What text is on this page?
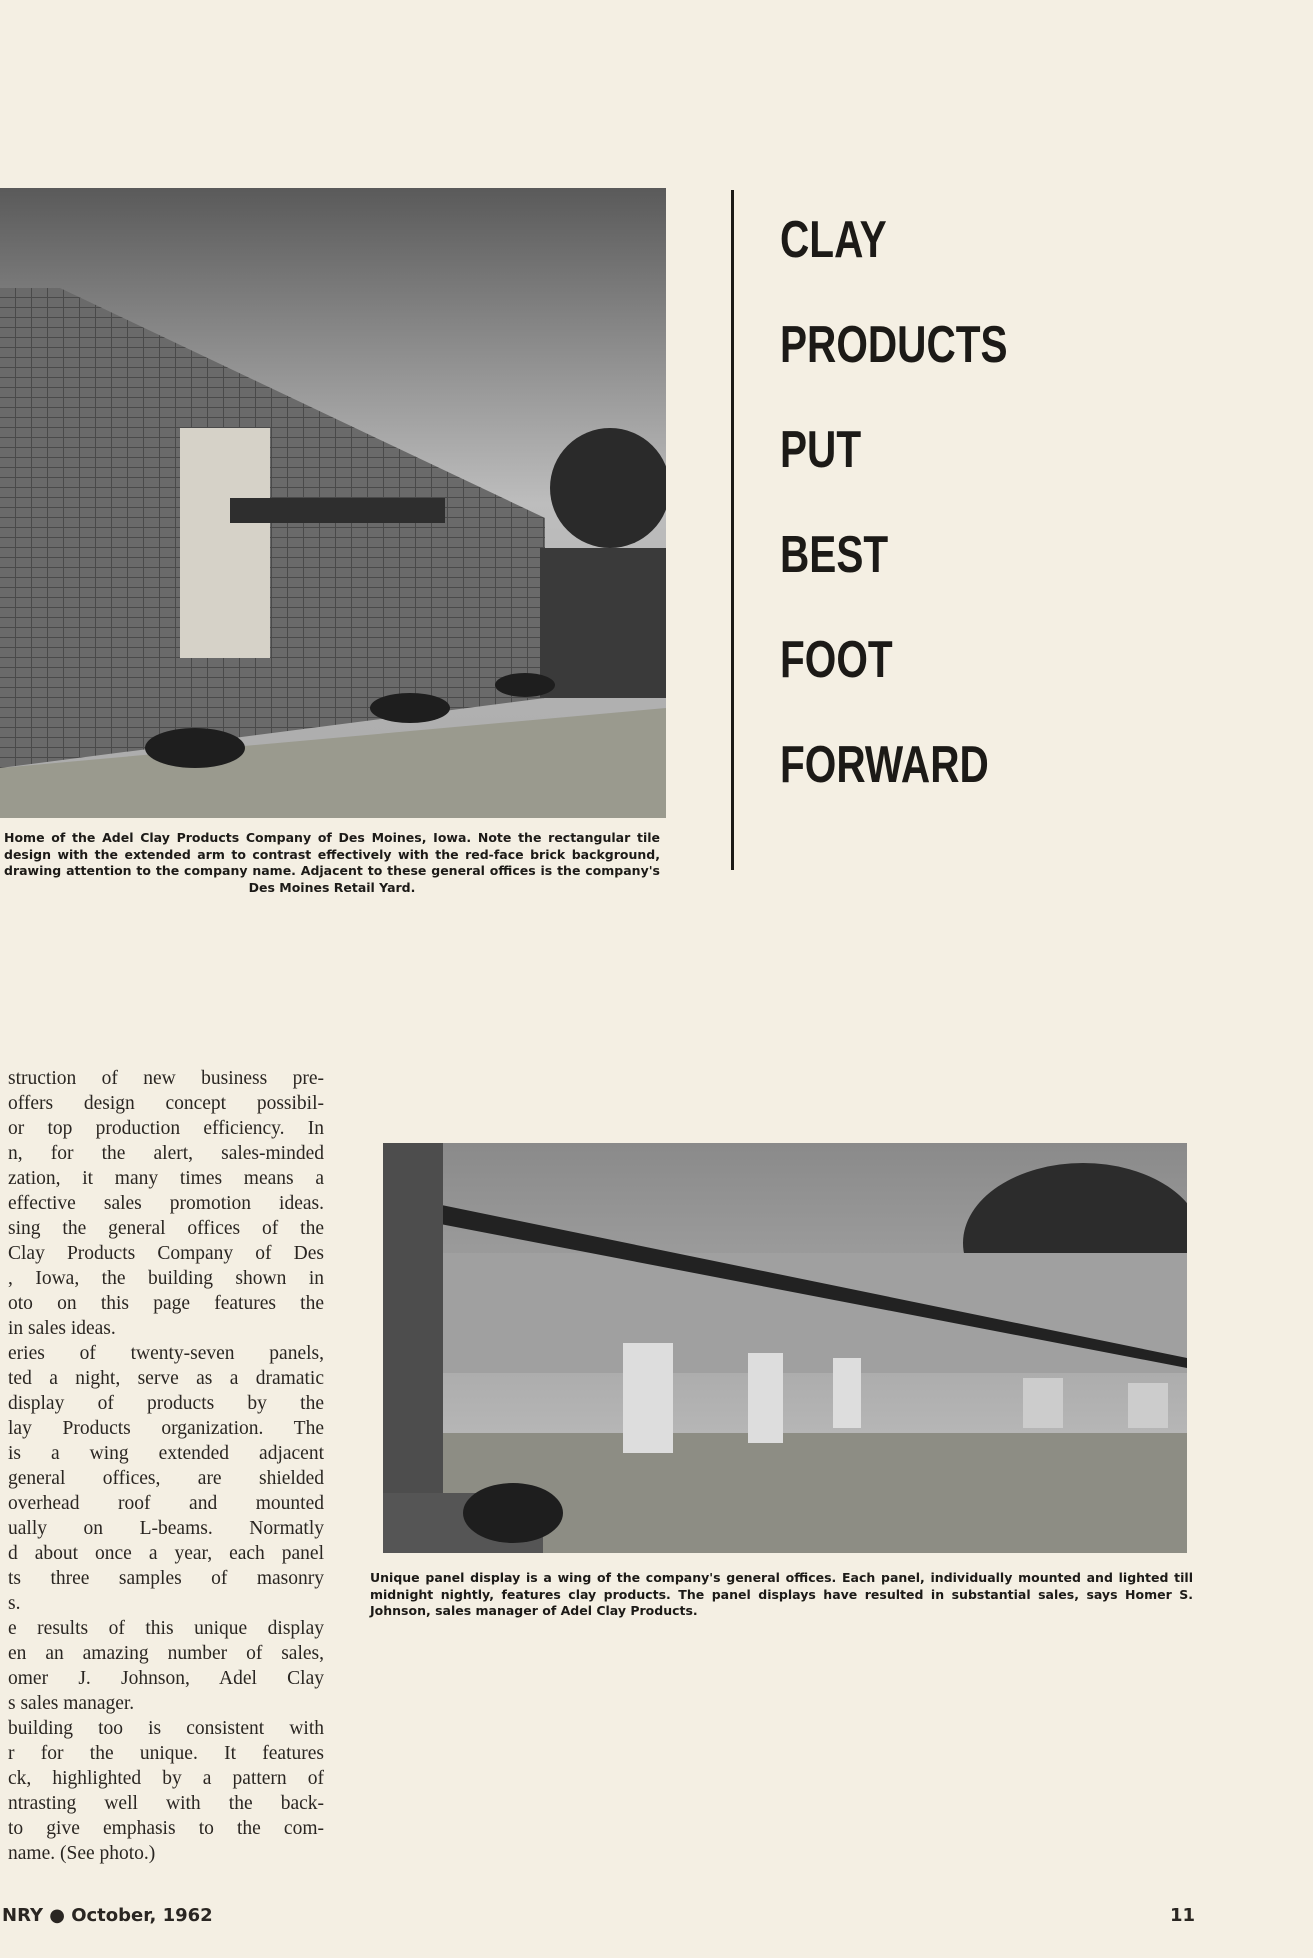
Home of the Adel Clay Products Company of Des Moines, Iowa. Note the rectangular tile design with the extended arm to contrast effectively with the red-face brick background, drawing attention to the company name. Adjacent to these general offices is the company's Des Moines Retail Yard.
CLAY
PRODUCTS
PUT
BEST
FOOT
FORWARD
struction of new business pre-
offers design concept possibil-
or top production efficiency. In
n, for the alert, sales-minded
zation, it many times means a
effective sales promotion ideas.
sing the general offices of the
Clay Products Company of Des
, Iowa, the building shown in
oto on this page features the
in sales ideas.
eries of twenty-seven panels,
ted a night, serve as a dramatic
display of products by the
lay Products organization. The
is a wing extended adjacent
general offices, are shielded
overhead roof and mounted
ually on L-beams. Normatly
d about once a year, each panel
ts three samples of masonry
s.
e results of this unique display
en an amazing number of sales,
omer J. Johnson, Adel Clay
s sales manager.
building too is consistent with
r for the unique. It features
ck, highlighted by a pattern of
ntrasting well with the back-
to give emphasis to the com-
name. (See photo.)
Unique panel display is a wing of the company's general offices. Each panel, individually mounted and lighted till midnight nightly, features clay products. The panel displays have resulted in substantial sales, says Homer S. Johnson, sales manager of Adel Clay Products.
NRY ● October, 1962	11
